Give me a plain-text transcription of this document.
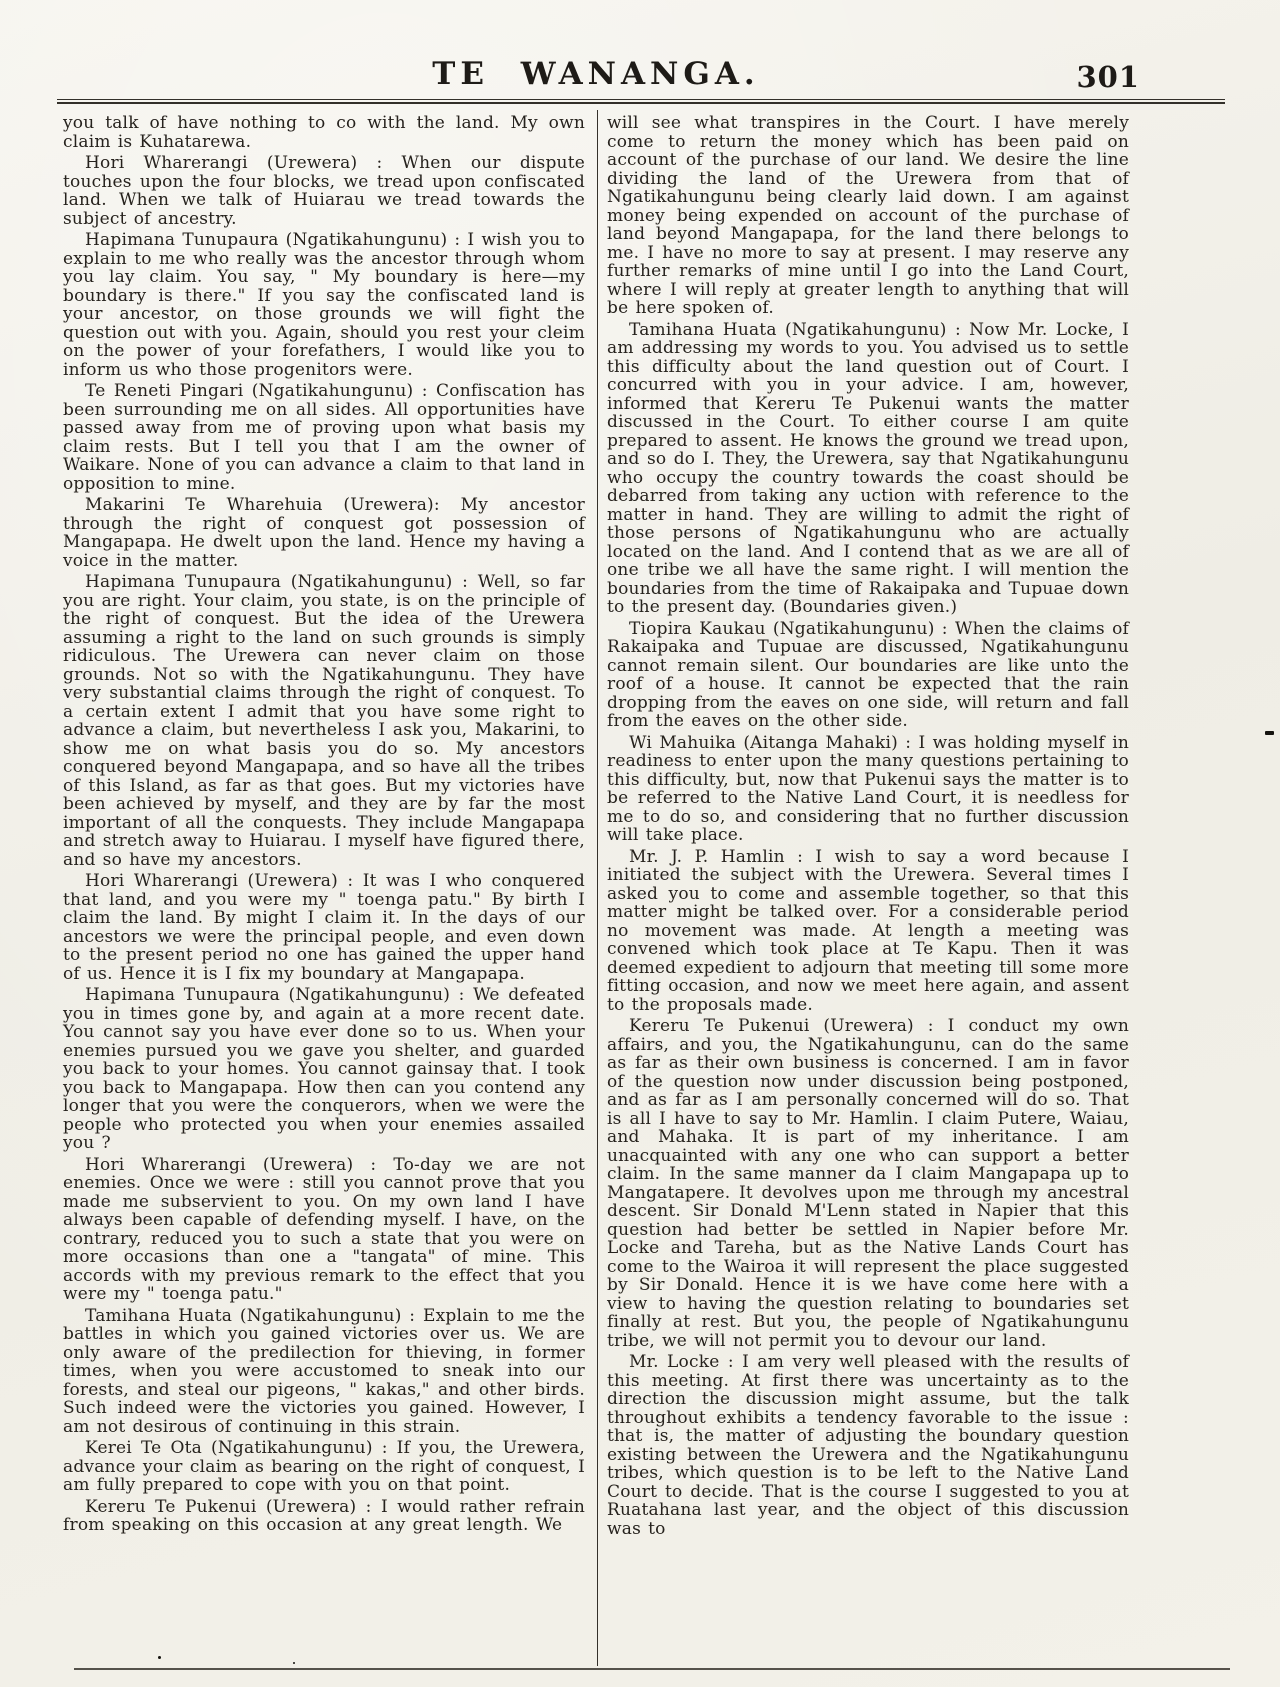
TE WANANGA.	301

you talk of have nothing to co with the land. My own claim is Kuhatarewa.

Hori Wharerangi (Urewera) : When our dispute touches upon the four blocks, we tread upon confiscated land. When we talk of Huiarau we tread towards the subject of ancestry.

Hapimana Tunupaura (Ngatikahungunu) : I wish you to explain to me who really was the ancestor through whom you lay claim. You say, " My boundary is here—my boundary is there." If you say the confiscated land is your ancestor, on those grounds we will fight the question out with you. Again, should you rest your cleim on the power of your forefathers, I would like you to inform us who those progenitors were.

Te Reneti Pingari (Ngatikahungunu) : Confiscation has been surrounding me on all sides. All opportunities have passed away from me of proving upon what basis my claim rests. But I tell you that I am the owner of Waikare. None of you can advance a claim to that land in opposition to mine.

Makarini Te Wharehuia (Urewera): My ancestor through the right of conquest got possession of Mangapapa. He dwelt upon the land. Hence my having a voice in the matter.

Hapimana Tunupaura (Ngatikahungunu) : Well, so far you are right. Your claim, you state, is on the principle of the right of conquest. But the idea of the Urewera assuming a right to the land on such grounds is simply ridiculous. The Urewera can never claim on those grounds. Not so with the Ngatikahungunu. They have very substantial claims through the right of conquest. To a certain extent I admit that you have some right to advance a claim, but nevertheless I ask you, Makarini, to show me on what basis you do so. My ancestors conquered beyond Mangapapa, and so have all the tribes of this Island, as far as that goes. But my victories have been achieved by myself, and they are by far the most important of all the conquests. They include Mangapapa and stretch away to Huiarau. I myself have figured there, and so have my ancestors.

Hori Wharerangi (Urewera) : It was I who conquered that land, and you were my " toenga patu." By birth I claim the land. By might I claim it. In the days of our ancestors we were the principal people, and even down to the present period no one has gained the upper hand of us. Hence it is I fix my boundary at Mangapapa.

Hapimana Tunupaura (Ngatikahungunu) : We defeated you in times gone by, and again at a more recent date. You cannot say you have ever done so to us. When your enemies pursued you we gave you shelter, and guarded you back to your homes. You cannot gainsay that. I took you back to Mangapapa. How then can you contend any longer that you were the conquerors, when we were the people who protected you when your enemies assailed you ?

Hori Wharerangi (Urewera) : To-day we are not enemies. Once we were : still you cannot prove that you made me subservient to you. On my own land I have always been capable of defending myself. I have, on the contrary, reduced you to such a state that you were on more occasions than one a "tangata" of mine. This accords with my previous remark to the effect that you were my " toenga patu."

Tamihana Huata (Ngatikahungunu) : Explain to me the battles in which you gained victories over us. We are only aware of the predilection for thieving, in former times, when you were accustomed to sneak into our forests, and steal our pigeons, " kakas," and other birds. Such indeed were the victories you gained. However, I am not desirous of continuing in this strain.

Kerei Te Ota (Ngatikahungunu) : If you, the Urewera, advance your claim as bearing on the right of conquest, I am fully prepared to cope with you on that point.

Kereru Te Pukenui (Urewera) : I would rather refrain from speaking on this occasion at any great length. We

will see what transpires in the Court. I have merely come to return the money which has been paid on account of the purchase of our land. We desire the line dividing the land of the Urewera from that of Ngatikahungunu being clearly laid down. I am against money being expended on account of the purchase of land beyond Mangapapa, for the land there belongs to me. I have no more to say at present. I may reserve any further remarks of mine until I go into the Land Court, where I will reply at greater length to anything that will be here spoken of.

Tamihana Huata (Ngatikahungunu) : Now Mr. Locke, I am addressing my words to you. You advised us to settle this difficulty about the land question out of Court. I concurred with you in your advice. I am, however, informed that Kereru Te Pukenui wants the matter discussed in the Court. To either course I am quite prepared to assent. He knows the ground we tread upon, and so do I. They, the Urewera, say that Ngatikahungunu who occupy the country towards the coast should be debarred from taking any uction with reference to the matter in hand. They are willing to admit the right of those persons of Ngatikahungunu who are actually located on the land. And I contend that as we are all of one tribe we all have the same right. I will mention the boundaries from the time of Rakaipaka and Tupuae down to the present day. (Boundaries given.)

Tiopira Kaukau (Ngatikahungunu) : When the claims of Rakaipaka and Tupuae are discussed, Ngatikahungunu cannot remain silent. Our boundaries are like unto the roof of a house. It cannot be expected that the rain dropping from the eaves on one side, will return and fall from the eaves on the other side.

Wi Mahuika (Aitanga Mahaki) : I was holding myself in readiness to enter upon the many questions pertaining to this difficulty, but, now that Pukenui says the matter is to be referred to the Native Land Court, it is needless for me to do so, and considering that no further discussion will take place.

Mr. J. P. Hamlin : I wish to say a word because I initiated the subject with the Urewera. Several times I asked you to come and assemble together, so that this matter might be talked over. For a considerable period no movement was made. At length a meeting was convened which took place at Te Kapu. Then it was deemed expedient to adjourn that meeting till some more fitting occasion, and now we meet here again, and assent to the proposals made.

Kereru Te Pukenui (Urewera) : I conduct my own affairs, and you, the Ngatikahungunu, can do the same as far as their own business is concerned. I am in favor of the question now under discussion being postponed, and as far as I am personally concerned will do so. That is all I have to say to Mr. Hamlin. I claim Putere, Waiau, and Mahaka. It is part of my inheritance. I am unacquainted with any one who can support a better claim. In the same manner da I claim Mangapapa up to Mangatapere. It devolves upon me through my ancestral descent. Sir Donald M'Lenn stated in Napier that this question had better be settled in Napier before Mr. Locke and Tareha, but as the Native Lands Court has come to the Wairoa it will represent the place suggested by Sir Donald. Hence it is we have come here with a view to having the question relating to boundaries set finally at rest. But you, the people of Ngatikahungunu tribe, we will not permit you to devour our land.

Mr. Locke : I am very well pleased with the results of this meeting. At first there was uncertainty as to the direction the discussion might assume, but the talk throughout exhibits a tendency favorable to the issue : that is, the matter of adjusting the boundary question existing between the Urewera and the Ngatikahungunu tribes, which question is to be left to the Native Land Court to decide. That is the course I suggested to you at Ruatahana last year, and the object of this discussion was to
